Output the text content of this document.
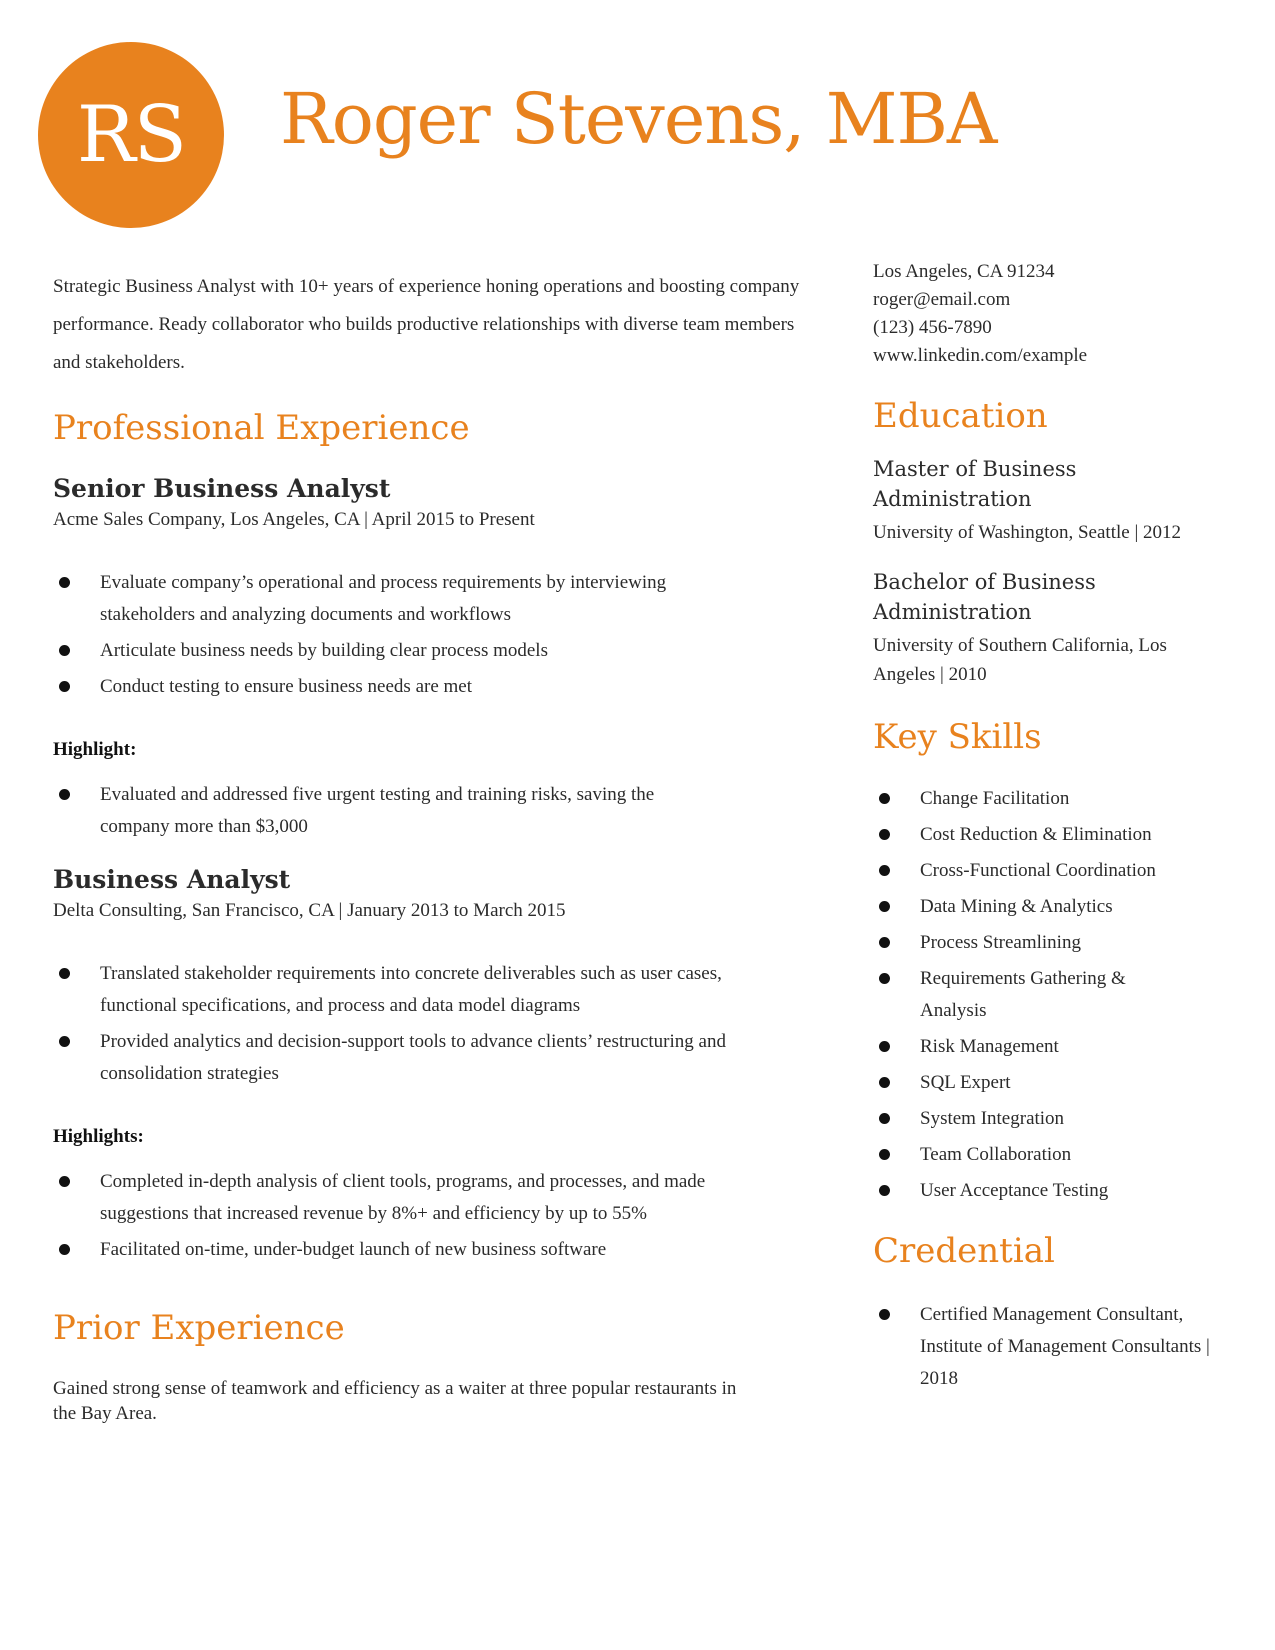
RS Roger Stevens, MBA

Strategic Business Analyst with 10+ years of experience honing operations and boosting company performance. Ready collaborator who builds productive relationships with diverse team members and stakeholders.

Professional Experience
Senior Business Analyst

Acme Sales Company, Los Angeles, CA | April 2015 to Present

Evaluate company’s operational and process requirements by interviewing stakeholders and analyzing documents and workflows
Articulate business needs by building clear process models
Conduct testing to ensure business needs are met

Highlight:

Evaluated and addressed five urgent testing and training risks, saving the company more than $3,000
Business Analyst

Delta Consulting, San Francisco, CA | January 2013 to March 2015

Translated stakeholder requirements into concrete deliverables such as user cases, functional specifications, and process and data model diagrams
Provided analytics and decision-support tools to advance clients’ restructuring and consolidation strategies

Highlights:

Completed in-depth analysis of client tools, programs, and processes, and made suggestions that increased revenue by 8%+ and efficiency by up to 55%
Facilitated on-time, under-budget launch of new business software
Prior Experience

Gained strong sense of teamwork and efficiency as a waiter at three popular restaurants in the Bay Area.

Los Angeles, CA 91234
roger@email.com
(123) 456-7890
www.linkedin.com/example
Education
Master of Business Administration
University of Washington, Seattle | 2012
Bachelor of Business Administration
University of Southern California, Los Angeles | 2010
Key Skills
Change Facilitation
Cost Reduction & Elimination
Cross-Functional Coordination
Data Mining & Analytics
Process Streamlining
Requirements Gathering & Analysis
Risk Management
SQL Expert
System Integration
Team Collaboration
User Acceptance Testing
Credential
Certified Management Consultant, Institute of Management Consultants | 2018
